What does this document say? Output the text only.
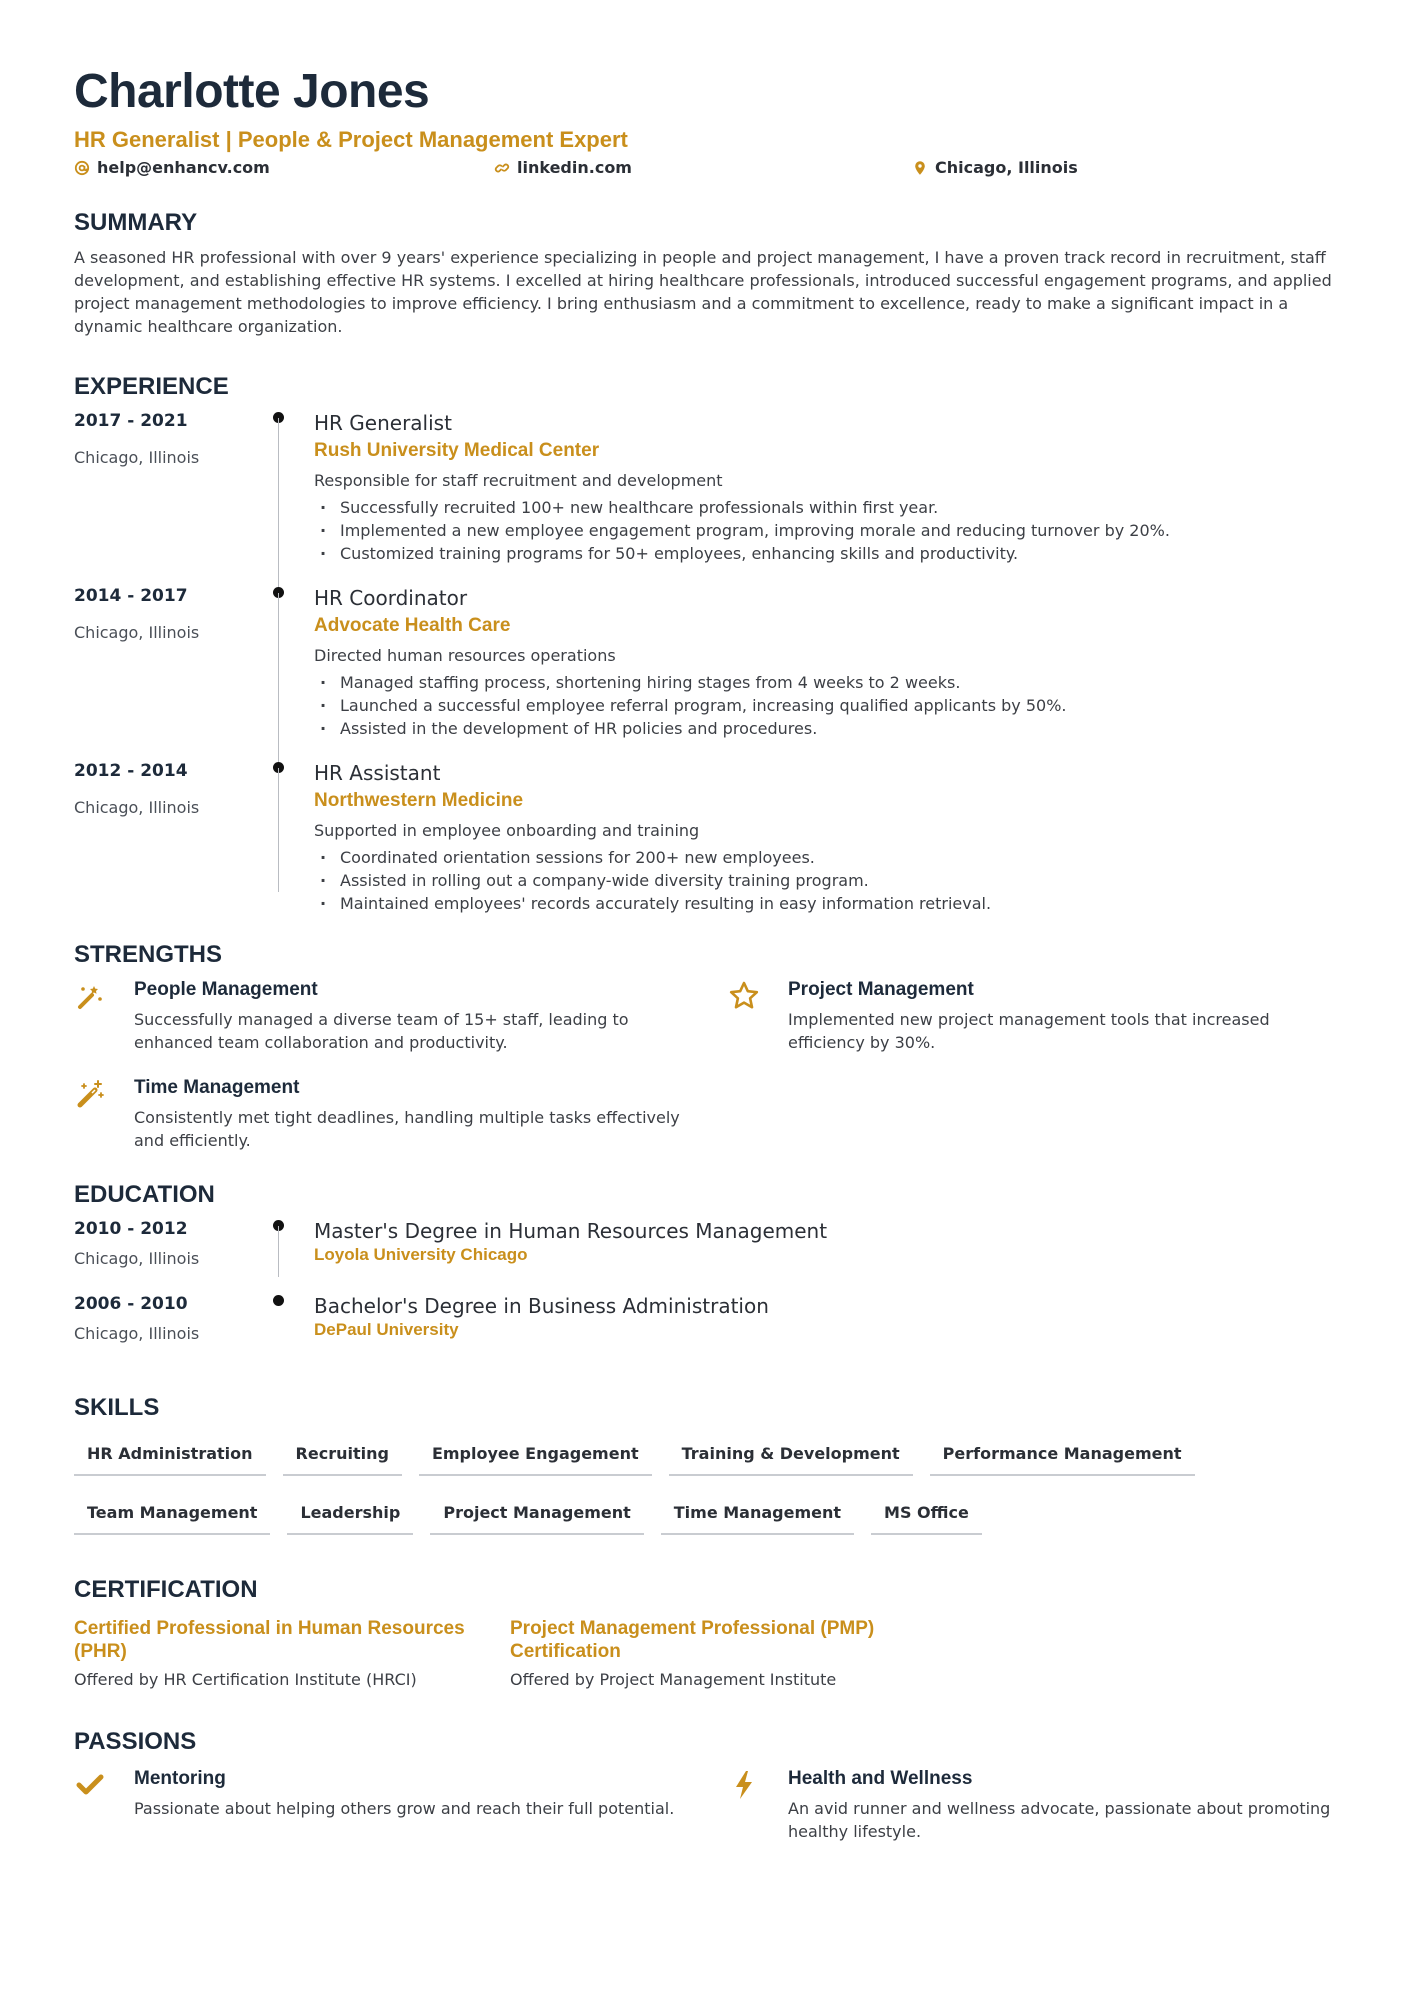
Charlotte Jones
HR Generalist | People & Project Management Expert
help@enhancv.com	linkedin.com	Chicago, Illinois
SUMMARY
A seasoned HR professional with over 9 years' experience specializing in people and project management, I have a proven track record in recruitment, staff development, and establishing effective HR systems. I excelled at hiring healthcare professionals, introduced successful engagement programs, and applied project management methodologies to improve efficiency. I bring enthusiasm and a commitment to excellence, ready to make a significant impact in a dynamic healthcare organization.
EXPERIENCE
2017 - 2021
Chicago, Illinois
HR Generalist
Rush University Medical Center
Responsible for staff recruitment and development
· Successfully recruited 100+ new healthcare professionals within first year.
· Implemented a new employee engagement program, improving morale and reducing turnover by 20%.
· Customized training programs for 50+ employees, enhancing skills and productivity.
2014 - 2017
Chicago, Illinois
HR Coordinator
Advocate Health Care
Directed human resources operations
· Managed staffing process, shortening hiring stages from 4 weeks to 2 weeks.
· Launched a successful employee referral program, increasing qualified applicants by 50%.
· Assisted in the development of HR policies and procedures.
2012 - 2014
Chicago, Illinois
HR Assistant
Northwestern Medicine
Supported in employee onboarding and training
· Coordinated orientation sessions for 200+ new employees.
· Assisted in rolling out a company-wide diversity training program.
· Maintained employees' records accurately resulting in easy information retrieval.
STRENGTHS
People Management
Successfully managed a diverse team of 15+ staff, leading to enhanced team collaboration and productivity.
Project Management
Implemented new project management tools that increased efficiency by 30%.
Time Management
Consistently met tight deadlines, handling multiple tasks effectively and efficiently.
EDUCATION
2010 - 2012
Chicago, Illinois
Master's Degree in Human Resources Management
Loyola University Chicago
2006 - 2010
Chicago, Illinois
Bachelor's Degree in Business Administration
DePaul University
SKILLS
HR Administration	Recruiting	Employee Engagement	Training & Development	Performance Management
Team Management	Leadership	Project Management	Time Management	MS Office
CERTIFICATION
Certified Professional in Human Resources (PHR)
Offered by HR Certification Institute (HRCI)
Project Management Professional (PMP) Certification
Offered by Project Management Institute
PASSIONS
Mentoring
Passionate about helping others grow and reach their full potential.
Health and Wellness
An avid runner and wellness advocate, passionate about promoting healthy lifestyle.
